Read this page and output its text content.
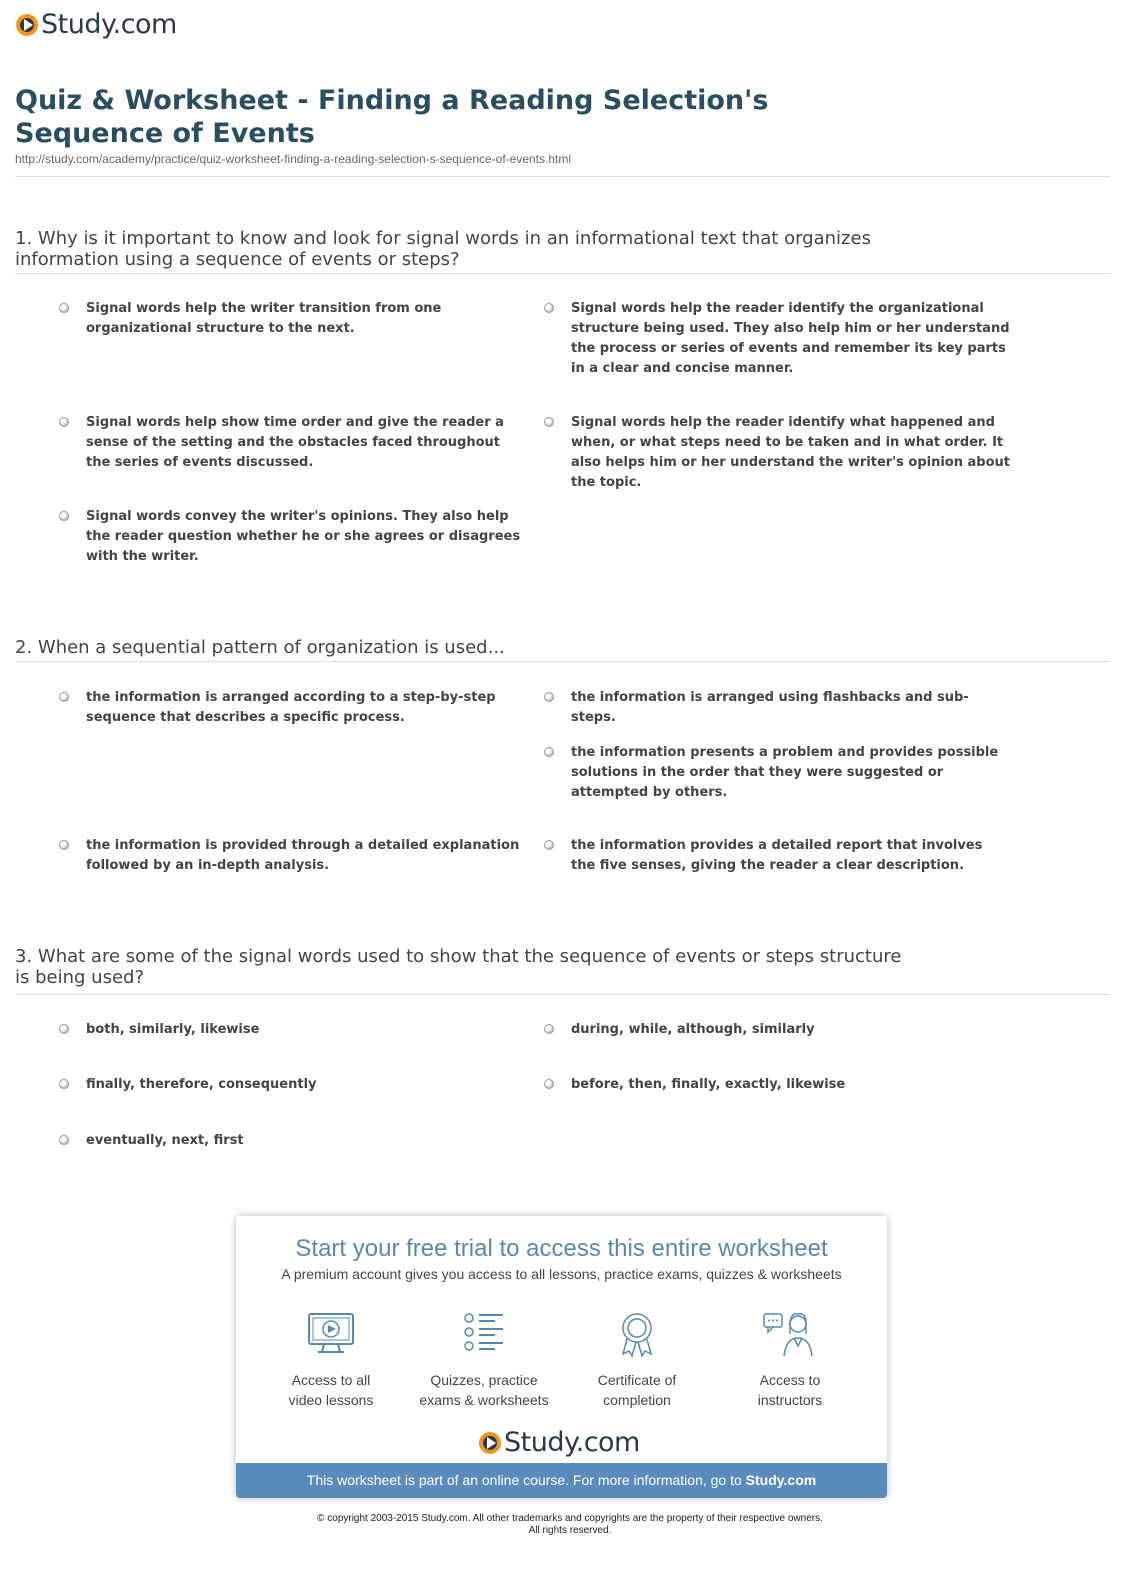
Study.com
Quiz & Worksheet - Finding a Reading Selection's Sequence of Events
http://study.com/academy/practice/quiz-worksheet-finding-a-reading-selection-s-sequence-of-events.html
1. Why is it important to know and look for signal words in an informational text that organizes information using a sequence of events or steps?
Signal words help the writer transition from one organizational structure to the next.
Signal words help the reader identify the organizational structure being used. They also help him or her understand the process or series of events and remember its key parts in a clear and concise manner.
Signal words help show time order and give the reader a sense of the setting and the obstacles faced throughout the series of events discussed.
Signal words help the reader identify what happened and when, or what steps need to be taken and in what order. It also helps him or her understand the writer's opinion about the topic.
Signal words convey the writer's opinions. They also help the reader question whether he or she agrees or disagrees with the writer.
2. When a sequential pattern of organization is used...
the information is arranged according to a step-by-step sequence that describes a specific process.
the information is arranged using flashbacks and sub-steps.
the information presents a problem and provides possible solutions in the order that they were suggested or attempted by others.
the information is provided through a detailed explanation followed by an in-depth analysis.
the information provides a detailed report that involves the five senses, giving the reader a clear description.
3. What are some of the signal words used to show that the sequence of events or steps structure is being used?
both, similarly, likewise	during, while, although, similarly
finally, therefore, consequently	before, then, finally, exactly, likewise
eventually, next, first
Start your free trial to access this entire worksheet
A premium account gives you access to all lessons, practice exams, quizzes & worksheets
Access to all
video lessons
Quizzes, practice
exams & worksheets
Certificate of
completion
Access to
instructors
Study.com
This worksheet is part of an online course. For more information, go to Study.com
© copyright 2003-2015 Study.com. All other trademarks and copyrights are the property of their respective owners.
All rights reserved.
